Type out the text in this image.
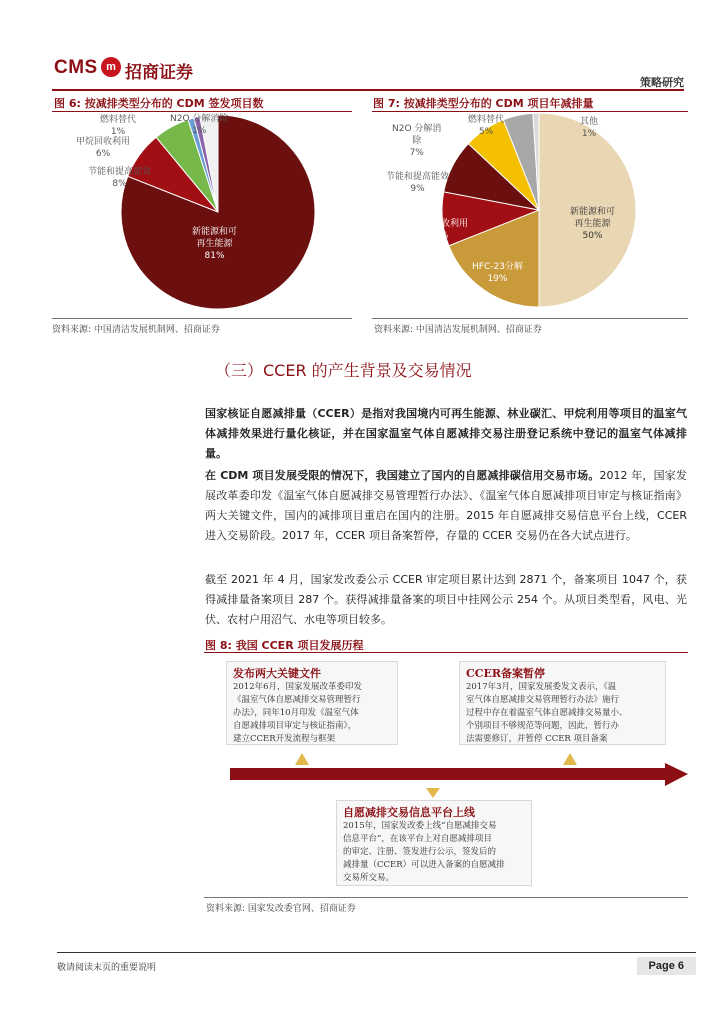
CMS m 招商证券	策略研究
图 6: 按减排类型分布的 CDM 签发项目数
燃料替代
1%
N2O 分解消除
1%
甲烷回收利用
6%
节能和提高能效
8%
新能源和可
再生能源
81%
资料来源: 中国清洁发展机制网、招商证券
图 7: 按减排类型分布的 CDM 项目年减排量
燃料替代
5%
其他
1%
N2O 分解消
除
7%
节能和提高能效
9%
甲烷回收利用
9%
HFC-23分解
19%
新能源和可
再生能源
50%
资料来源: 中国清洁发展机制网、招商证券
（三）CCER 的产生背景及交易情况
国家核证自愿减排量（CCER）是指对我国境内可再生能源、林业碳汇、甲烷利用等项目的温室气体减排效果进行量化核证，并在国家温室气体自愿减排交易注册登记系统中登记的温室气体减排量。
在 CDM 项目发展受限的情况下，我国建立了国内的自愿减排碳信用交易市场。2012 年，国家发展改革委印发《温室气体自愿减排交易管理暂行办法》、《温室气体自愿减排项目审定与核证指南》两大关键文件，国内的减排项目重启在国内的注册。2015 年自愿减排交易信息平台上线，CCER 进入交易阶段。2017 年，CCER 项目备案暂停，存量的 CCER 交易仍在各大试点进行。
截至 2021 年 4 月，国家发改委公示 CCER 审定项目累计达到 2871 个，备案项目 1047 个，获得减排量备案项目 287 个。获得减排量备案的项目中挂网公示 254 个。从项目类型看，风电、光伏、农村户用沼气、水电等项目较多。
图 8: 我国 CCER 项目发展历程
发布两大关键文件
2012年6月，国家发展改革委印发
《温室气体自愿减排交易管理暂行
办法》，同年10月印发《温室气体
自愿减排项目审定与核证指南》，
建立CCER开发流程与框架
CCER备案暂停
2017年3月，国家发展委发文表示，《温
室气体自愿减排交易管理暂行办法》施行
过程中存在着温室气体自愿减排交易量小、
个别项目不够规范等问题，因此，暂行办
法需要修订，并暂停 CCER 项目备案
自愿减排交易信息平台上线
2015年，国家发改委上线“自愿减排交易
信息平台”，在该平台上对自愿减排项目
的审定、注册、签发进行公示，签发后的
减排量（CCER）可以进入备案的自愿减排
交易所交易。
资料来源: 国家发改委官网、招商证券
敬请阅读末页的重要说明	Page 6
